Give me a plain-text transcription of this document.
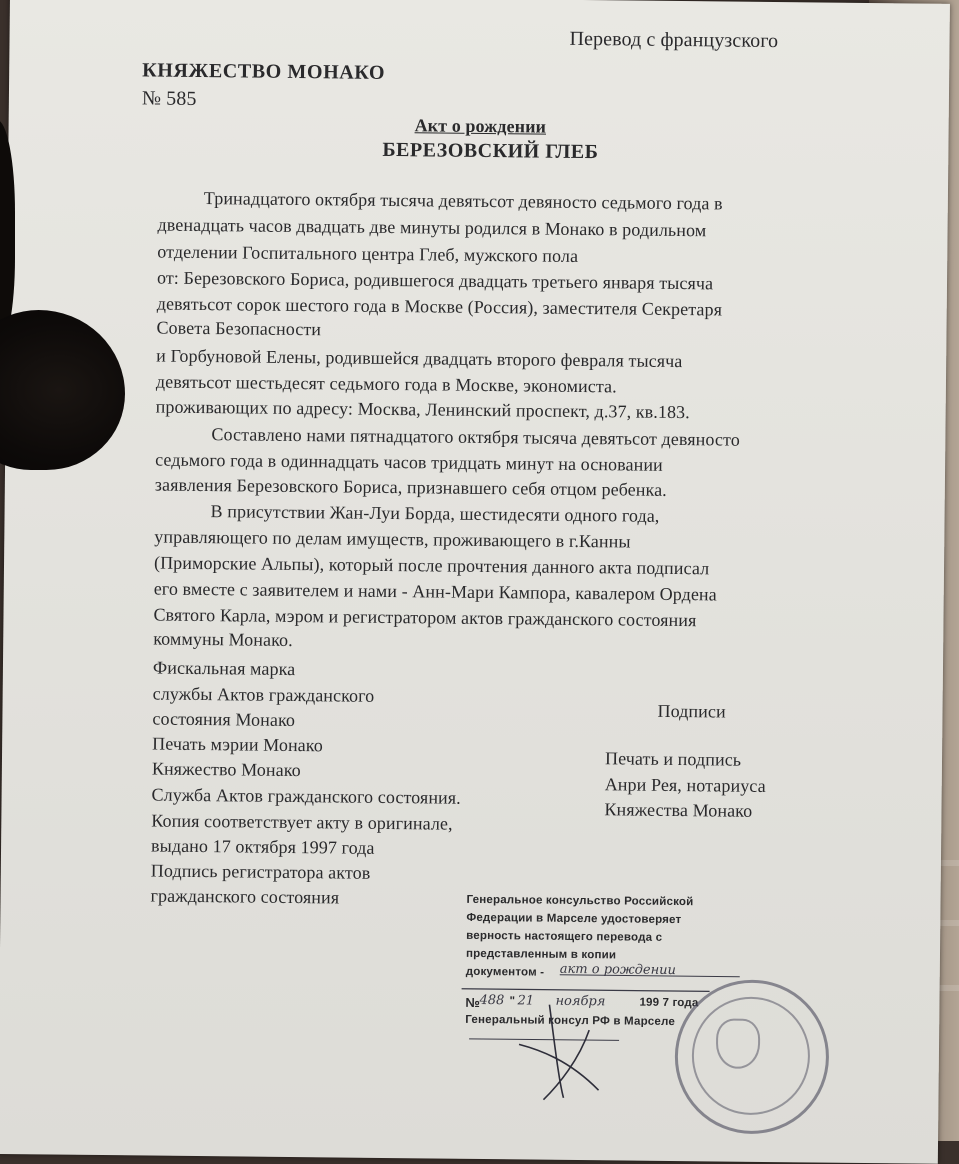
Перевод с французского
КНЯЖЕСТВО МОНАКО
№ 585
Акт о рождении
БЕРЕЗОВСКИЙ ГЛЕБ
Тринадцатого октября тысяча девятьсот девяносто седьмого года в
двенадцать часов двадцать две минуты родился в Монако в родильном
отделении Госпитального центра Глеб, мужского пола
от: Березовского Бориса, родившегося двадцать третьего января тысяча
девятьсот сорок шестого года в Москве (Россия), заместителя Секретаря
Совета Безопасности
и Горбуновой Елены, родившейся двадцать второго февраля тысяча
девятьсот шестьдесят седьмого года в Москве, экономиста.
проживающих по адресу: Москва, Ленинский проспект, д.37, кв.183.
Составлено нами пятнадцатого октября тысяча девятьсот девяносто
седьмого года в одиннадцать часов тридцать минут на основании
заявления Березовского Бориса, признавшего себя отцом ребенка.
В присутствии Жан-Луи Борда, шестидесяти одного года,
управляющего по делам имуществ, проживающего в г.Канны
(Приморские Альпы), который после прочтения данного акта подписал
его вместе с заявителем и нами - Анн-Мари Кампора, кавалером Ордена
Святого Карла, мэром и регистратором актов гражданского состояния
коммуны Монако.
Фискальная марка
службы Актов гражданского
состояния Монако
Печать мэрии Монако
Княжество Монако
Служба Актов гражданского состояния.
Копия соответствует акту в оригинале,
выдано 17 октября 1997 года
Подпись регистратора актов
гражданского состояния
Подписи
Печать и подпись
Анри Рея, нотариуса
Княжества Монако
Генеральное консульство Российской
Федерации в Марселе удостоверяет
верность настоящего перевода с
представленным в копии
документом - акт о рождении
№ 488 " 21 ноября	199 7 года
Генеральный консул РФ в Марселе
